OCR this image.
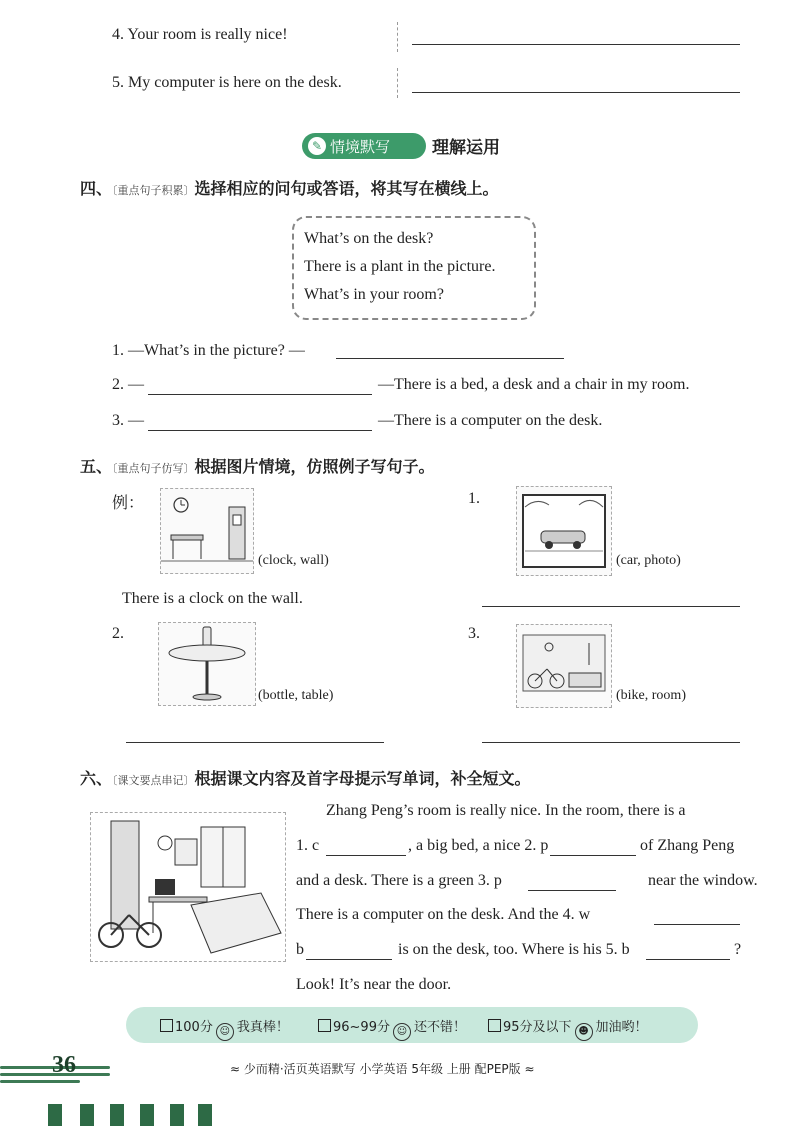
4. Your room is really nice!
5. My computer is here on the desk.
✎ 情境默写 理解运用
四、〔重点句子积累〕选择相应的问句或答语，将其写在横线上。
What’s on the desk?
There is a plant in the picture.
What’s in your room?
1. —What’s in the picture? —
2. —	—There is a bed, a desk and a chair in my room.
3. —	—There is a computer on the desk.
五、〔重点句子仿写〕根据图片情境，仿照例子写句子。
例：
(clock, wall)
There is a clock on the wall.
1.
(car, photo)
2.
(bottle, table)
3.
(bike, room)
六、〔课文要点串记〕根据课文内容及首字母提示写单词，补全短文。
Zhang Peng’s room is really nice. In the room, there is a
1. c	, a big bed, a nice 2. p	of Zhang Peng
and a desk. There is a green 3. p	near the window.
There is a computer on the desk. And the 4. w
b	is on the desk, too. Where is his 5. b	?
Look! It’s near the door.
100分 ☺ 我真棒！	96~99分 ☺ 还不错！	95分及以下 ☻ 加油哟！
36	≈ 少而精·活页英语默写 小学英语 5年级 上册 配PEP版 ≈
